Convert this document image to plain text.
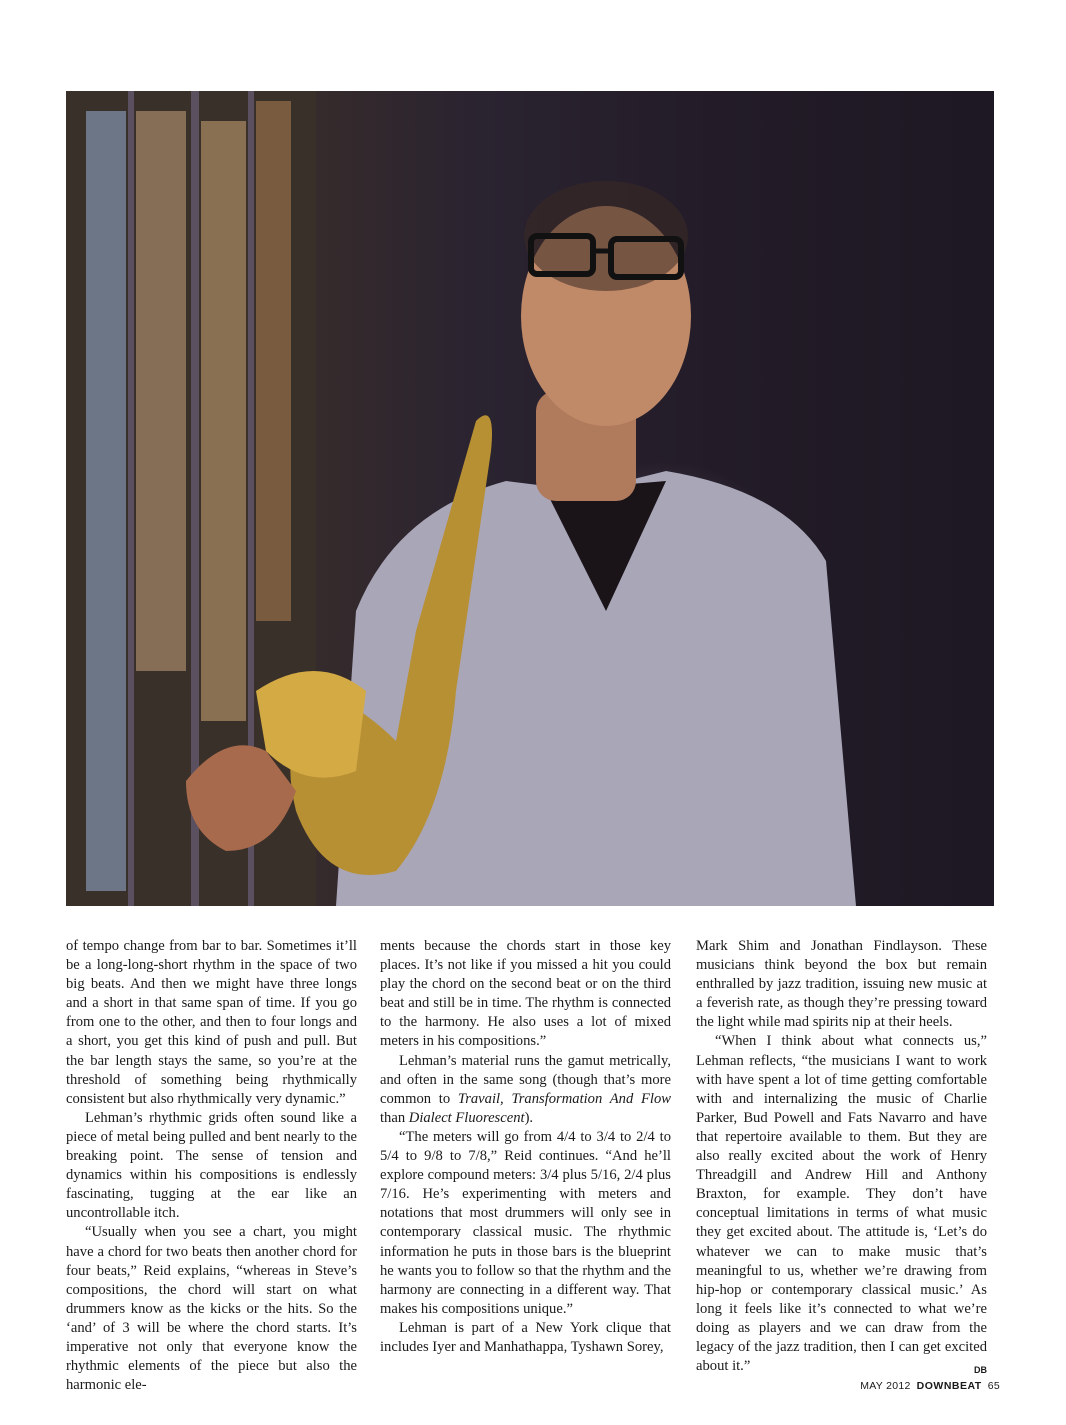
of tempo change from bar to bar. Sometimes it’ll be a long-long-short rhythm in the space of two big beats. And then we might have three longs and a short in that same span of time. If you go from one to the other, and then to four longs and a short, you get this kind of push and pull. But the bar length stays the same, so you’re at the threshold of something being rhythmically consistent but also rhythmically very dynamic.”

Lehman’s rhythmic grids often sound like a piece of metal being pulled and bent nearly to the breaking point. The sense of tension and dynamics within his compositions is endlessly fascinating, tugging at the ear like an uncontrollable itch.

“Usually when you see a chart, you might have a chord for two beats then another chord for four beats,” Reid explains, “whereas in Steve’s compositions, the chord will start on what drummers know as the kicks or the hits. So the ‘and’ of 3 will be where the chord starts. It’s imperative not only that everyone know the rhythmic elements of the piece but also the harmonic ele-

ments because the chords start in those key places. It’s not like if you missed a hit you could play the chord on the second beat or on the third beat and still be in time. The rhythm is connected to the harmony. He also uses a lot of mixed meters in his compositions.”

Lehman’s material runs the gamut metrically, and often in the same song (though that’s more common to Travail, Transformation And Flow than Dialect Fluorescent).

“The meters will go from 4/4 to 3/4 to 2/4 to 5/4 to 9/8 to 7/8,” Reid continues. “And he’ll explore compound meters: 3/4 plus 5/16, 2/4 plus 7/16. He’s experimenting with meters and notations that most drummers will only see in contemporary classical music. The rhythmic information he puts in those bars is the blueprint he wants you to follow so that the rhythm and the harmony are connecting in a different way. That makes his compositions unique.”

Lehman is part of a New York clique that includes Iyer and Manhathappa, Tyshawn Sorey,

Mark Shim and Jonathan Findlayson. These musicians think beyond the box but remain enthralled by jazz tradition, issuing new music at a feverish rate, as though they’re pressing toward the light while mad spirits nip at their heels.

“When I think about what connects us,” Lehman reflects, “the musicians I want to work with have spent a lot of time getting comfortable with and internalizing the music of Charlie Parker, Bud Powell and Fats Navarro and have that repertoire available to them. But they are also really excited about the work of Henry Threadgill and Andrew Hill and Anthony Braxton, for example. They don’t have conceptual limitations in terms of what music they get excited about. The attitude is, ‘Let’s do whatever we can to make music that’s meaningful to us, whether we’re drawing from hip-hop or contemporary classical music.’ As long it feels like it’s connected to what we’re doing as players and we can draw from the legacy of the jazz tradition, then I can get excited about it.”	DB

MAY 2012 DOWNBEAT 65
